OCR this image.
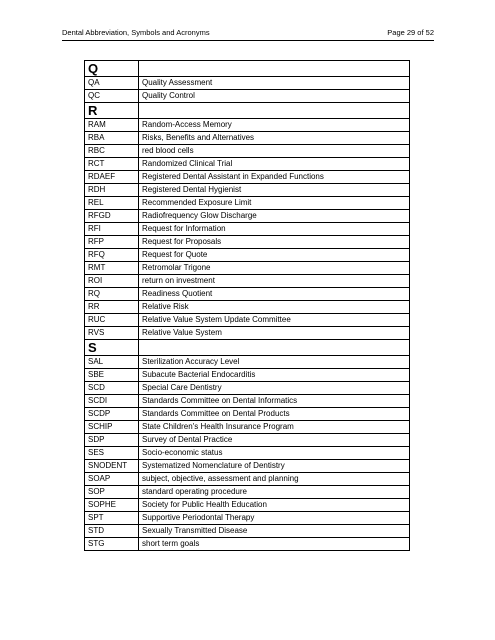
Dental Abbreviation, Symbols and Acronyms	Page 29 of 52
Q	
QA	Quality Assessment
QC	Quality Control
R	
RAM	Random-Access Memory
RBA	Risks, Benefits and Alternatives
RBC	red blood cells
RCT	Randomized Clinical Trial
RDAEF	Registered Dental Assistant in Expanded Functions
RDH	Registered Dental Hygienist
REL	Recommended Exposure Limit
RFGD	Radiofrequency Glow Discharge
RFI	Request for Information
RFP	Request for Proposals
RFQ	Request for Quote
RMT	Retromolar Trigone
ROI	return on investment
RQ	Readiness Quotient
RR	Relative Risk
RUC	Relative Value System Update Committee
RVS	Relative Value System
S	
SAL	Sterilization Accuracy Level
SBE	Subacute Bacterial Endocarditis
SCD	Special Care Dentistry
SCDI	Standards Committee on Dental Informatics
SCDP	Standards Committee on Dental Products
SCHIP	State Children's Health Insurance Program
SDP	Survey of Dental Practice
SES	Socio-economic status
SNODENT	Systematized Nomenclature of Dentistry
SOAP	subject, objective, assessment and planning
SOP	standard operating procedure
SOPHE	Society for Public Health Education
SPT	Supportive Periodontal Therapy
STD	Sexually Transmitted Disease
STG	short term goals
